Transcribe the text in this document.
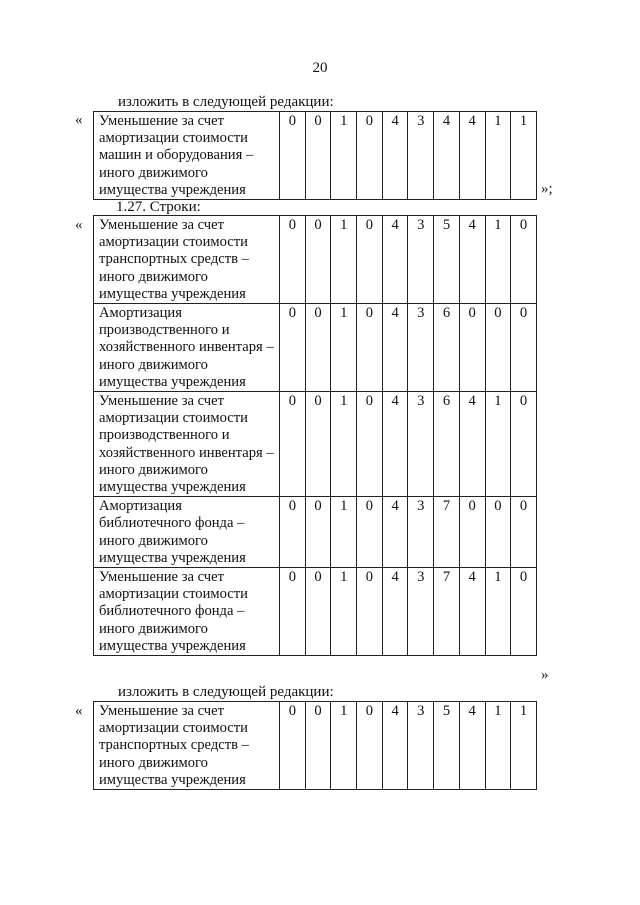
20
изложить в следующей редакции:
« Уменьшение за счет амортизации стоимости машин и оборудования – иного движимого имущества учреждения	0	0	1	0	4	3	4	4	1	1
»;
1.27. Строки:
« Уменьшение за счет амортизации стоимости транспортных средств – иного движимого имущества учреждения	0	0	1	0	4	3	5	4	1	0
Амортизация производственного и хозяйственного инвентаря – иного движимого имущества учреждения	0	0	1	0	4	3	6	0	0	0
Уменьшение за счет амортизации стоимости производственного и хозяйственного инвентаря – иного движимого имущества учреждения	0	0	1	0	4	3	6	4	1	0
Амортизация библиотечного фонда – иного движимого имущества учреждения	0	0	1	0	4	3	7	0	0	0
Уменьшение за счет амортизации стоимости библиотечного фонда – иного движимого имущества учреждения	0	0	1	0	4	3	7	4	1	0
»
изложить в следующей редакции:
« Уменьшение за счет амортизации стоимости транспортных средств – иного движимого имущества учреждения	0	0	1	0	4	3	5	4	1	1
